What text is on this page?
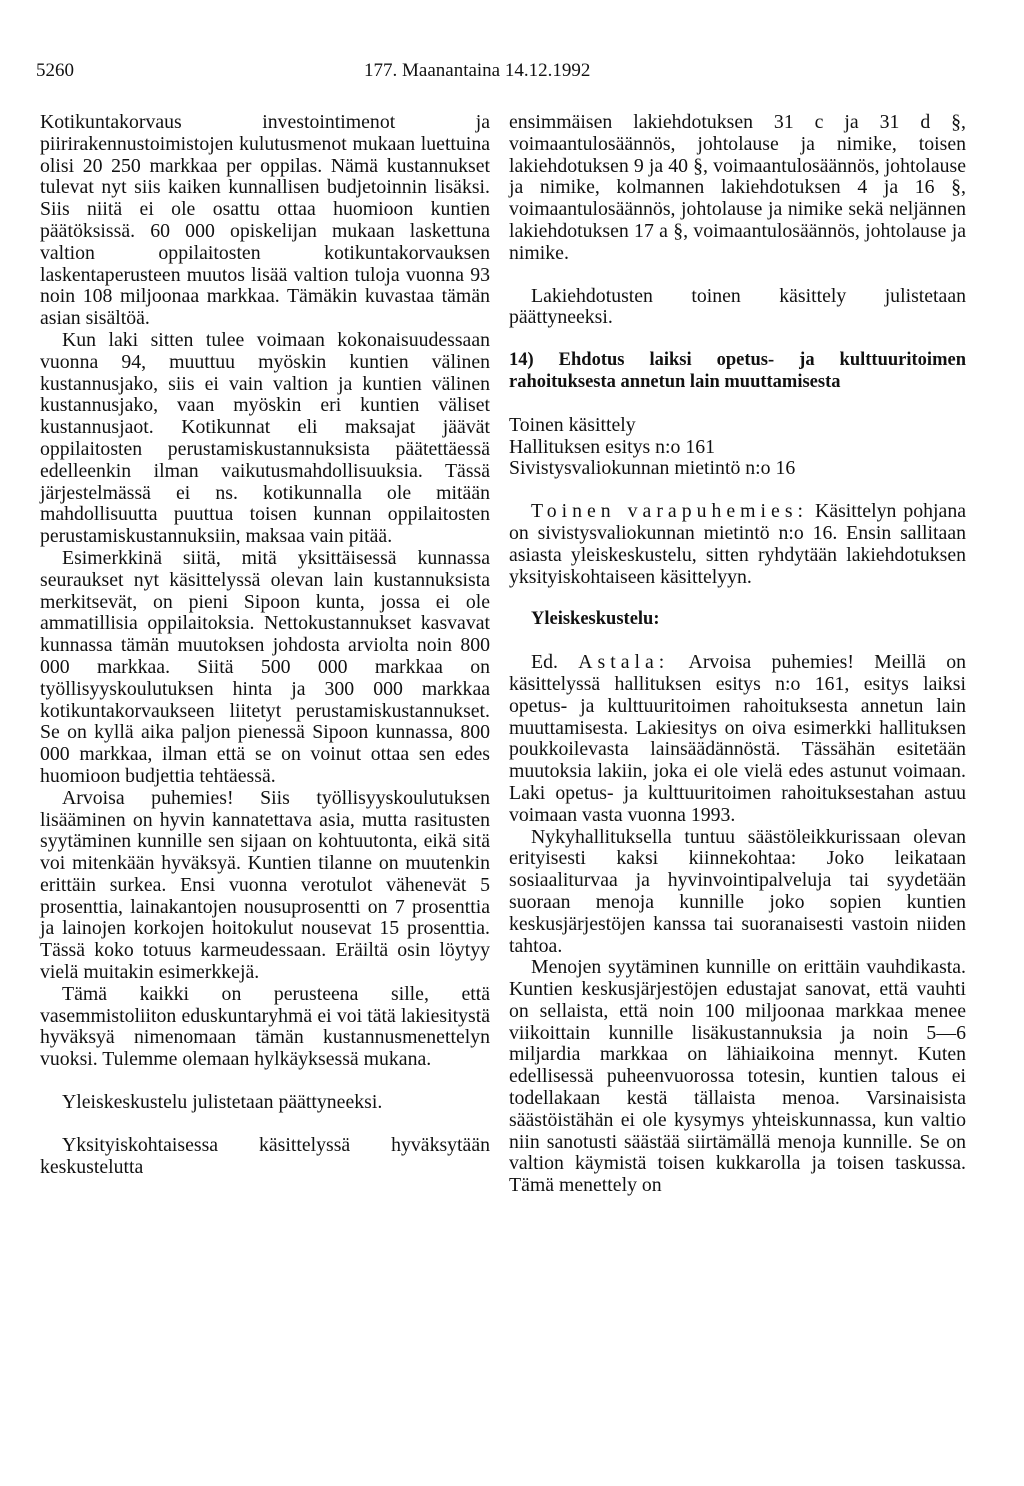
5260	177. Maanantaina 14.12.1992

Kotikuntakorvaus investointimenot ja piirirakennustoimistojen kulutusmenot mukaan luettuina olisi 20 250 markkaa per oppilas. Nämä kustannukset tulevat nyt siis kaiken kunnallisen budjetoinnin lisäksi. Siis niitä ei ole osattu ottaa huomioon kuntien päätöksissä. 60 000 opiskelijan mukaan laskettuna valtion oppilaitosten kotikuntakorvauksen laskentaperusteen muutos lisää valtion tuloja vuonna 93 noin 108 miljoonaa markkaa. Tämäkin kuvastaa tämän asian sisältöä.

Kun laki sitten tulee voimaan kokonaisuudessaan vuonna 94, muuttuu myöskin kuntien välinen kustannusjako, siis ei vain valtion ja kuntien välinen kustannusjako, vaan myöskin eri kuntien väliset kustannusjaot. Kotikunnat eli maksajat jäävät oppilaitosten perustamiskustannuksista päätettäessä edelleenkin ilman vaikutusmahdollisuuksia. Tässä järjestelmässä ei ns. kotikunnalla ole mitään mahdollisuutta puuttua toisen kunnan oppilaitosten perustamiskustannuksiin, maksaa vain pitää.

Esimerkkinä siitä, mitä yksittäisessä kunnassa seuraukset nyt käsittelyssä olevan lain kustannuksista merkitsevät, on pieni Sipoon kunta, jossa ei ole ammatillisia oppilaitoksia. Nettokustannukset kasvavat kunnassa tämän muutoksen johdosta arviolta noin 800 000 markkaa. Siitä 500 000 markkaa on työllisyyskoulutuksen hinta ja 300 000 markkaa kotikuntakorvaukseen liitetyt perustamiskustannukset. Se on kyllä aika paljon pienessä Sipoon kunnassa, 800 000 markkaa, ilman että se on voinut ottaa sen edes huomioon budjettia tehtäessä.

Arvoisa puhemies! Siis työllisyyskoulutuksen lisääminen on hyvin kannatettava asia, mutta rasitusten syytäminen kunnille sen sijaan on kohtuutonta, eikä sitä voi mitenkään hyväksyä. Kuntien tilanne on muutenkin erittäin surkea. Ensi vuonna verotulot vähenevät 5 prosenttia, lainakantojen nousuprosentti on 7 prosenttia ja lainojen korkojen hoitokulut nousevat 15 prosenttia. Tässä koko totuus karmeudessaan. Eräiltä osin löytyy vielä muitakin esimerkkejä.

Tämä kaikki on perusteena sille, että vasemmistoliiton eduskuntaryhmä ei voi tätä lakiesitystä hyväksyä nimenomaan tämän kustannusmenettelyn vuoksi. Tulemme olemaan hylkäyksessä mukana.

Yleiskeskustelu julistetaan päättyneeksi.

Yksityiskohtaisessa käsittelyssä hyväksytään keskustelutta

ensimmäisen lakiehdotuksen 31 c ja 31 d §, voimaantulosäännös, johtolause ja nimike, toisen lakiehdotuksen 9 ja 40 §, voimaantulosäännös, johtolause ja nimike, kolmannen lakiehdotuksen 4 ja 16 §, voimaantulosäännös, johtolause ja nimike sekä neljännen lakiehdotuksen 17 a §, voimaantulosäännös, johtolause ja nimike.

Lakiehdotusten toinen käsittely julistetaan päättyneeksi.

14) Ehdotus laiksi opetus- ja kulttuuritoimen rahoituksesta annetun lain muuttamisesta

Toinen käsittely
Hallituksen esitys n:o 161
Sivistysvaliokunnan mietintö n:o 16

Toinen varapuhemies: Käsittelyn pohjana on sivistysvaliokunnan mietintö n:o 16. Ensin sallitaan asiasta yleiskeskustelu, sitten ryhdytään lakiehdotuksen yksityiskohtaiseen käsittelyyn.

Yleiskeskustelu:

Ed. Astala: Arvoisa puhemies! Meillä on käsittelyssä hallituksen esitys n:o 161, esitys laiksi opetus- ja kulttuuritoimen rahoituksesta annetun lain muuttamisesta. Lakiesitys on oiva esimerkki hallituksen poukkoilevasta lainsäädännöstä. Tässähän esitetään muutoksia lakiin, joka ei ole vielä edes astunut voimaan. Laki opetus- ja kulttuuritoimen rahoituksestahan astuu voimaan vasta vuonna 1993.

Nykyhallituksella tuntuu säästöleikkurissaan olevan erityisesti kaksi kiinnekohtaa: Joko leikataan sosiaaliturvaa ja hyvinvointipalveluja tai syydetään suoraan menoja kunnille joko sopien kuntien keskusjärjestöjen kanssa tai suoranaisesti vastoin niiden tahtoa.

Menojen syytäminen kunnille on erittäin vauhdikasta. Kuntien keskusjärjestöjen edustajat sanovat, että vauhti on sellaista, että noin 100 miljoonaa markkaa menee viikoittain kunnille lisäkustannuksia ja noin 5—6 miljardia markkaa on lähiaikoina mennyt. Kuten edellisessä puheenvuorossa totesin, kuntien talous ei todellakaan kestä tällaista menoa. Varsinaisista säästöistähän ei ole kysymys yhteiskunnassa, kun valtio niin sanotusti säästää siirtämällä menoja kunnille. Se on valtion käymistä toisen kukkarolla ja toisen taskussa. Tämä menettely on
